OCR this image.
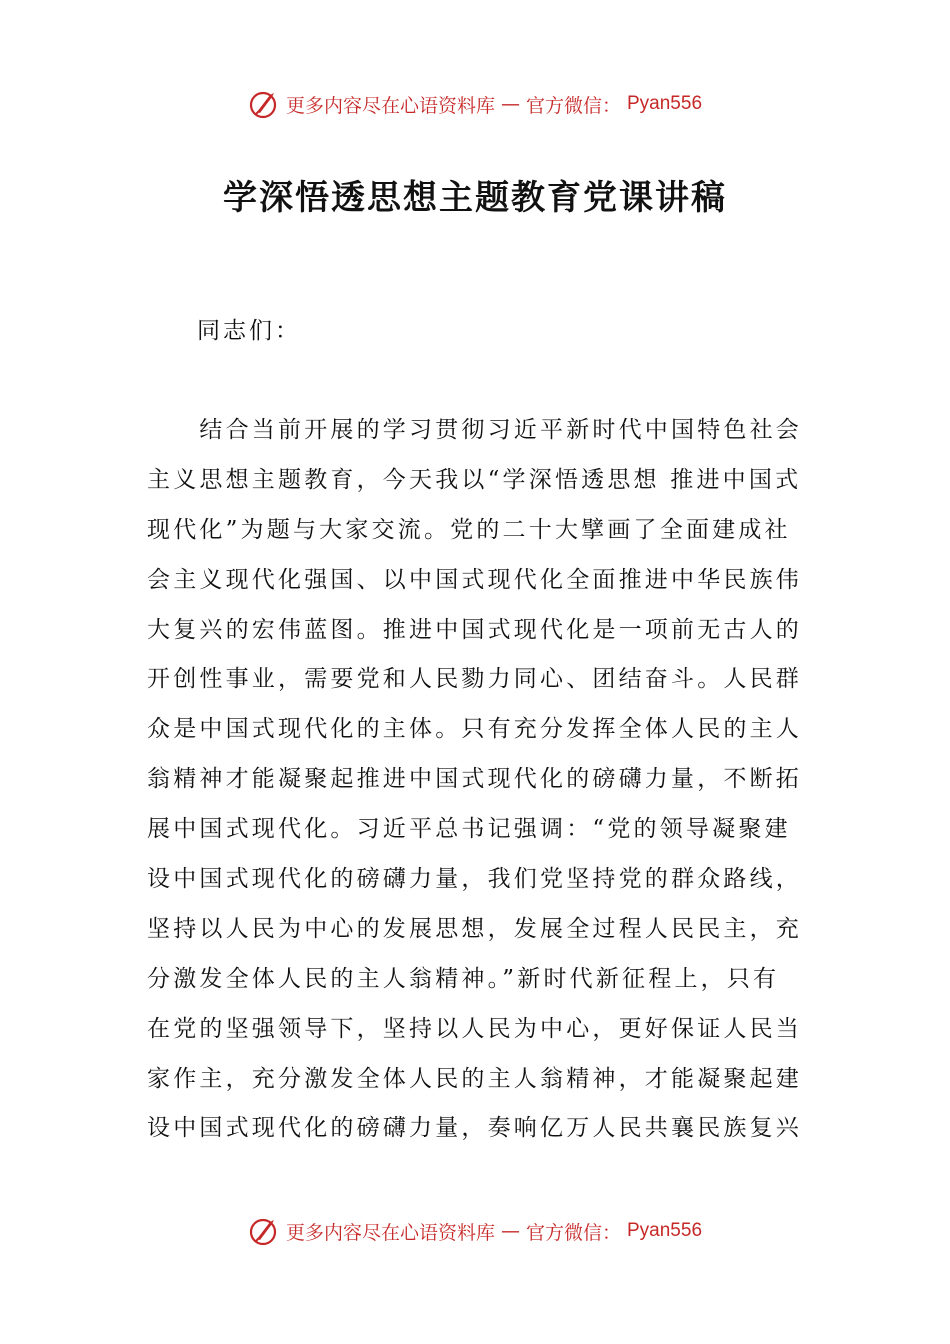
更多内容尽在心语资料库 — 官方微信： Pyan556
学深悟透思想主题教育党课讲稿
同志们：
　　结合当前开展的学习贯彻习近平新时代中国特色社会
主义思想主题教育，今天我以“学深悟透思想 推进中国式
现代化”为题与大家交流。党的二十大擘画了全面建成社
会主义现代化强国、以中国式现代化全面推进中华民族伟
大复兴的宏伟蓝图。推进中国式现代化是一项前无古人的
开创性事业，需要党和人民勠力同心、团结奋斗。人民群
众是中国式现代化的主体。只有充分发挥全体人民的主人
翁精神才能凝聚起推进中国式现代化的磅礴力量，不断拓
展中国式现代化。习近平总书记强调：“党的领导凝聚建
设中国式现代化的磅礴力量，我们党坚持党的群众路线，
坚持以人民为中心的发展思想，发展全过程人民民主，充
分激发全体人民的主人翁精神。”新时代新征程上，只有
在党的坚强领导下，坚持以人民为中心，更好保证人民当
家作主，充分激发全体人民的主人翁精神，才能凝聚起建
设中国式现代化的磅礴力量，奏响亿万人民共襄民族复兴
更多内容尽在心语资料库 — 官方微信： Pyan556
